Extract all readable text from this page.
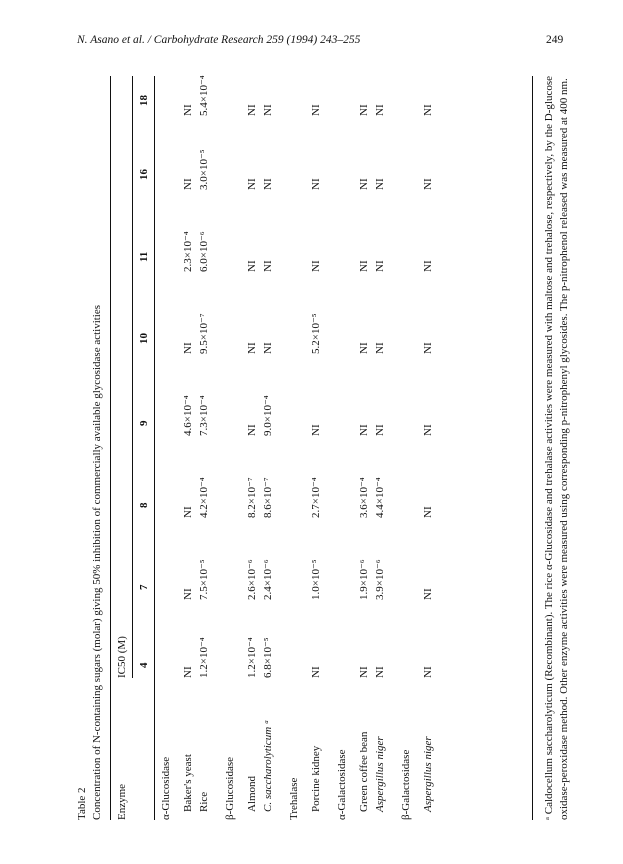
N. Asano et al. / Carbohydrate Research 259 (1994) 243–255	249
Table 2 Concentration of N-containing sugars (molar) giving 50% inhibition of commercially available glycosidase activities Enzyme
IC50 (M) 4
7
8
9
10
11
16
18
α-Glucosidase Baker's yeast
NI
NI
NI
4.6×10⁻⁴
NI
2.3×10⁻⁴
NI
NI
Rice
1.2×10⁻⁴
7.5×10⁻⁵
4.2×10⁻⁴
7.3×10⁻⁴
9.5×10⁻⁷
6.0×10⁻⁶
3.0×10⁻⁵
5.4×10⁻⁴
β-Glucosidase Almond
1.2×10⁻⁴
2.6×10⁻⁶
8.2×10⁻⁷
NI
NI
NI
NI
NI
C. saccharolyticum ᵃ
6.8×10⁻⁵
2.4×10⁻⁶
8.6×10⁻⁷
9.0×10⁻⁴
NI
NI
NI
NI
Trehalase Porcine kidney
NI
1.0×10⁻⁵
2.7×10⁻⁴
NI
5.2×10⁻⁵
NI
NI
NI
α-Galactosidase Green coffee bean
NI
1.9×10⁻⁶
3.6×10⁻⁴
NI
NI
NI
NI
NI
Aspergillus niger
NI
3.9×10⁻⁶
4.4×10⁻⁴
NI
NI
NI
NI
NI
β-Galactosidase Aspergillus niger
NI
NI
NI
NI
NI
NI
NI
NI	ᵃ Caldocellum saccharolyticum (Recombinant). The rice α-Glucosidase and trehalase activities were measured with maltose and trehalose, respectively, by the D-glucose oxidase-peroxidase method. Other enzyme activities were measured using corresponding p-nitrophenyl glycosides. The p-nitrophenol released was measured at 400 nm.
